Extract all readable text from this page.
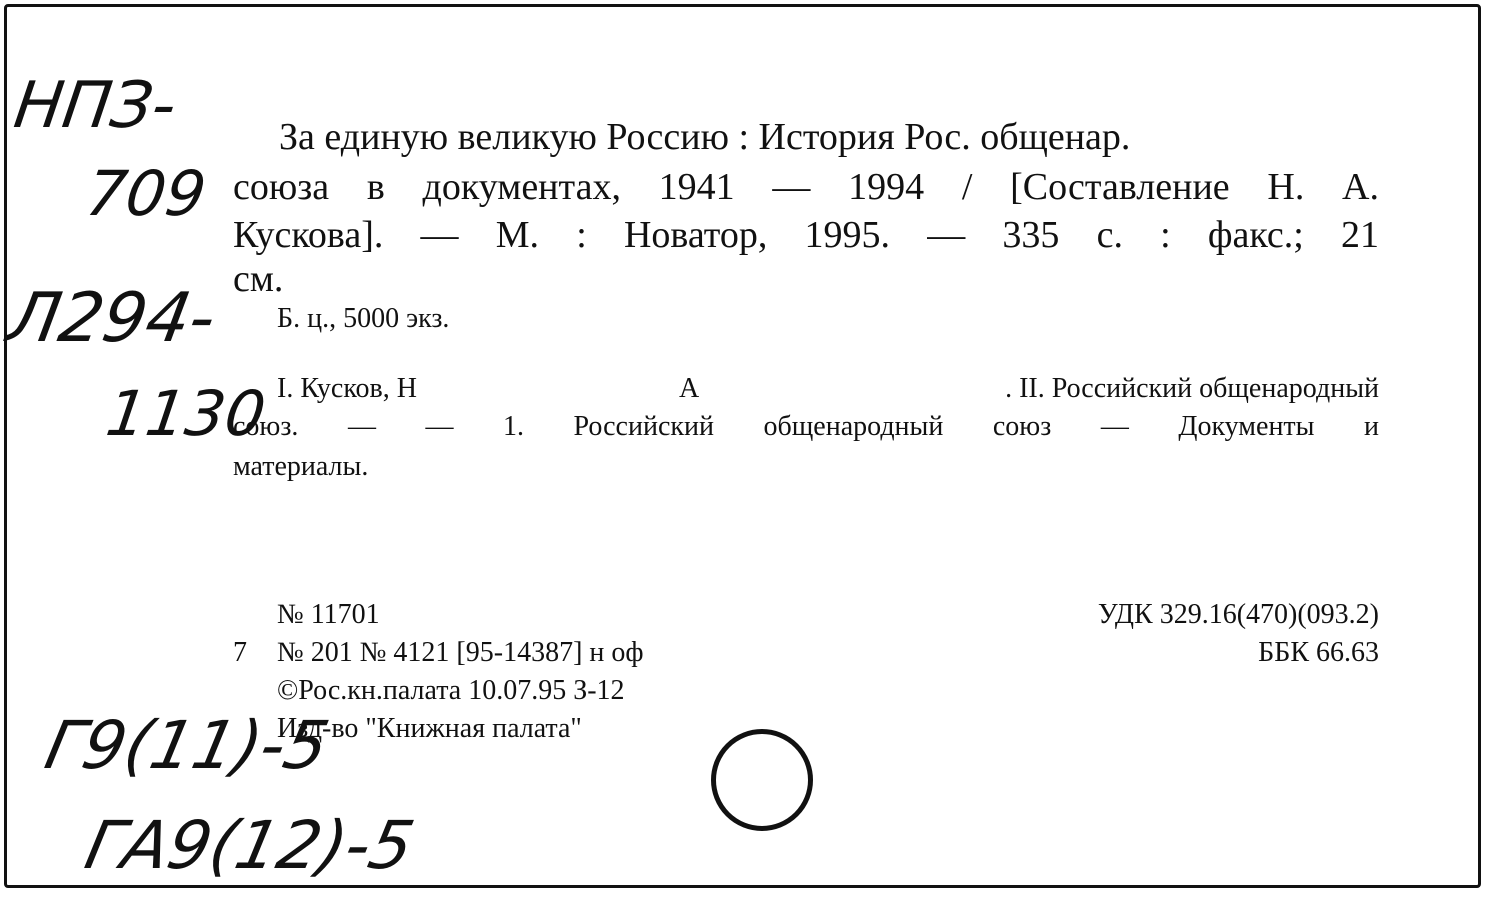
НПЗ-
709
Л294-
1130
За единую великую Россию : История Рос. общенар.
союза в документах, 1941 — 1994 / [Составление Н. А.
Кускова]. — М. : Новатор, 1995. — 335 с. : факс.; 21
см.
Б. ц., 5000 экз.
I. Кусков, Н	А	. II. Российский общенародный
союз. — — 1. Российский общенародный союз — Документы и
материалы.
№ 11701
7 № 201 № 4121 [95-14387] н оф
©Рос.кн.палата 10.07.95 З-12
Изд-во "Книжная палата"
УДК 329.16(470)(093.2)
ББК 66.63
Г9(11)-5
ГА9(12)-5
